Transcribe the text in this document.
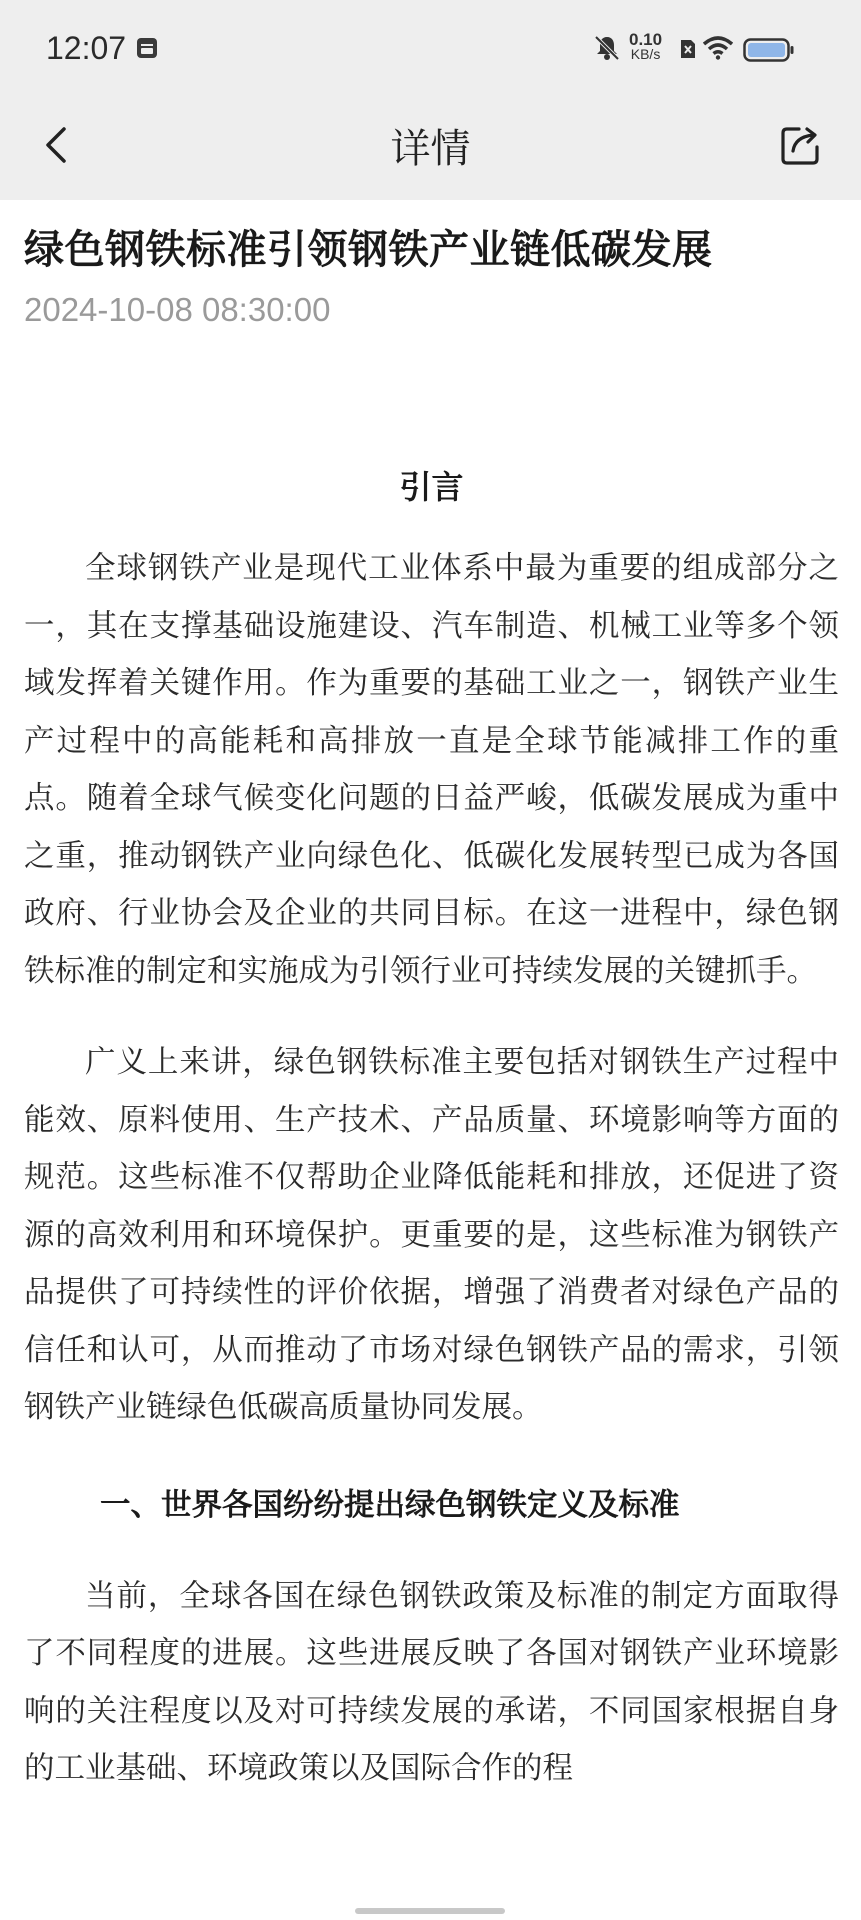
12:07	0.10
KB/s
详情
绿色钢铁标准引领钢铁产业链低碳发展
2024-10-08 08:30:00
引言

全球钢铁产业是现代工业体系中最为重要的组成部分之一，其在支撑基础设施建设、汽车制造、机械工业等多个领域发挥着关键作用。作为重要的基础工业之一，钢铁产业生产过程中的高能耗和高排放一直是全球节能减排工作的重点。随着全球气候变化问题的日益严峻，低碳发展成为重中之重，推动钢铁产业向绿色化、低碳化发展转型已成为各国政府、行业协会及企业的共同目标。在这一进程中，绿色钢铁标准的制定和实施成为引领行业可持续发展的关键抓手。

广义上来讲，绿色钢铁标准主要包括对钢铁生产过程中能效、原料使用、生产技术、产品质量、环境影响等方面的规范。这些标准不仅帮助企业降低能耗和排放，还促进了资源的高效利用和环境保护。更重要的是，这些标准为钢铁产品提供了可持续性的评价依据，增强了消费者对绿色产品的信任和认可，从而推动了市场对绿色钢铁产品的需求，引领钢铁产业链绿色低碳高质量协同发展。

一、世界各国纷纷提出绿色钢铁定义及标准

当前，全球各国在绿色钢铁政策及标准的制定方面取得了不同程度的进展。这些进展反映了各国对钢铁产业环境影响的关注程度以及对可持续发展的承诺，不同国家根据自身的工业基础、环境政策以及国际合作的程
